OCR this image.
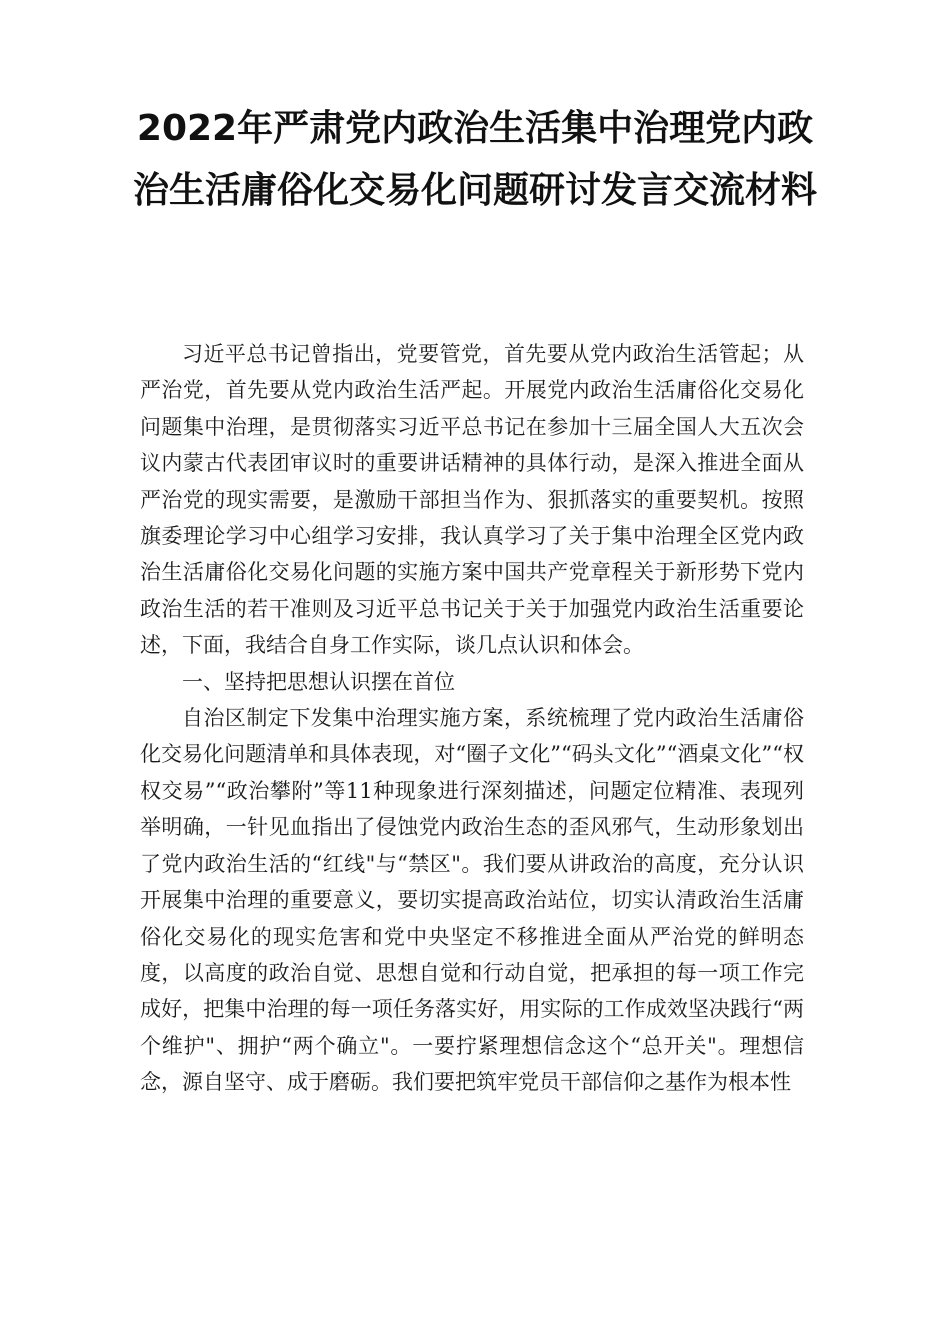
2022年严肃党内政治生活集中治理党内政治生活庸俗化交易化问题研讨发言交流材料

习近平总书记曾指出，党要管党，首先要从党内政治生活管起；从严治党，首先要从党内政治生活严起。开展党内政治生活庸俗化交易化问题集中治理，是贯彻落实习近平总书记在参加十三届全国人大五次会议内蒙古代表团审议时的重要讲话精神的具体行动，是深入推进全面从严治党的现实需要，是激励干部担当作为、狠抓落实的重要契机。按照旗委理论学习中心组学习安排，我认真学习了关于集中治理全区党内政治生活庸俗化交易化问题的实施方案中国共产党章程关于新形势下党内政治生活的若干准则及习近平总书记关于关于加强党内政治生活重要论述，下面，我结合自身工作实际，谈几点认识和体会。

一、坚持把思想认识摆在首位

自治区制定下发集中治理实施方案，系统梳理了党内政治生活庸俗化交易化问题清单和具体表现，对“圈子文化”“码头文化”“酒桌文化”“权权交易”“政治攀附”等11种现象进行深刻描述，问题定位精准、表现列举明确，一针见血指出了侵蚀党内政治生态的歪风邪气，生动形象划出了党内政治生活的“红线"与“禁区"。我们要从讲政治的高度，充分认识开展集中治理的重要意义，要切实提高政治站位，切实认清政治生活庸俗化交易化的现实危害和党中央坚定不移推进全面从严治党的鲜明态度，以高度的政治自觉、思想自觉和行动自觉，把承担的每一项工作完成好，把集中治理的每一项任务落实好，用实际的工作成效坚决践行“两个维护"、拥护“两个确立"。一要拧紧理想信念这个“总开关"。理想信念，源自坚守、成于磨砺。我们要把筑牢党员干部信仰之基作为根本性
